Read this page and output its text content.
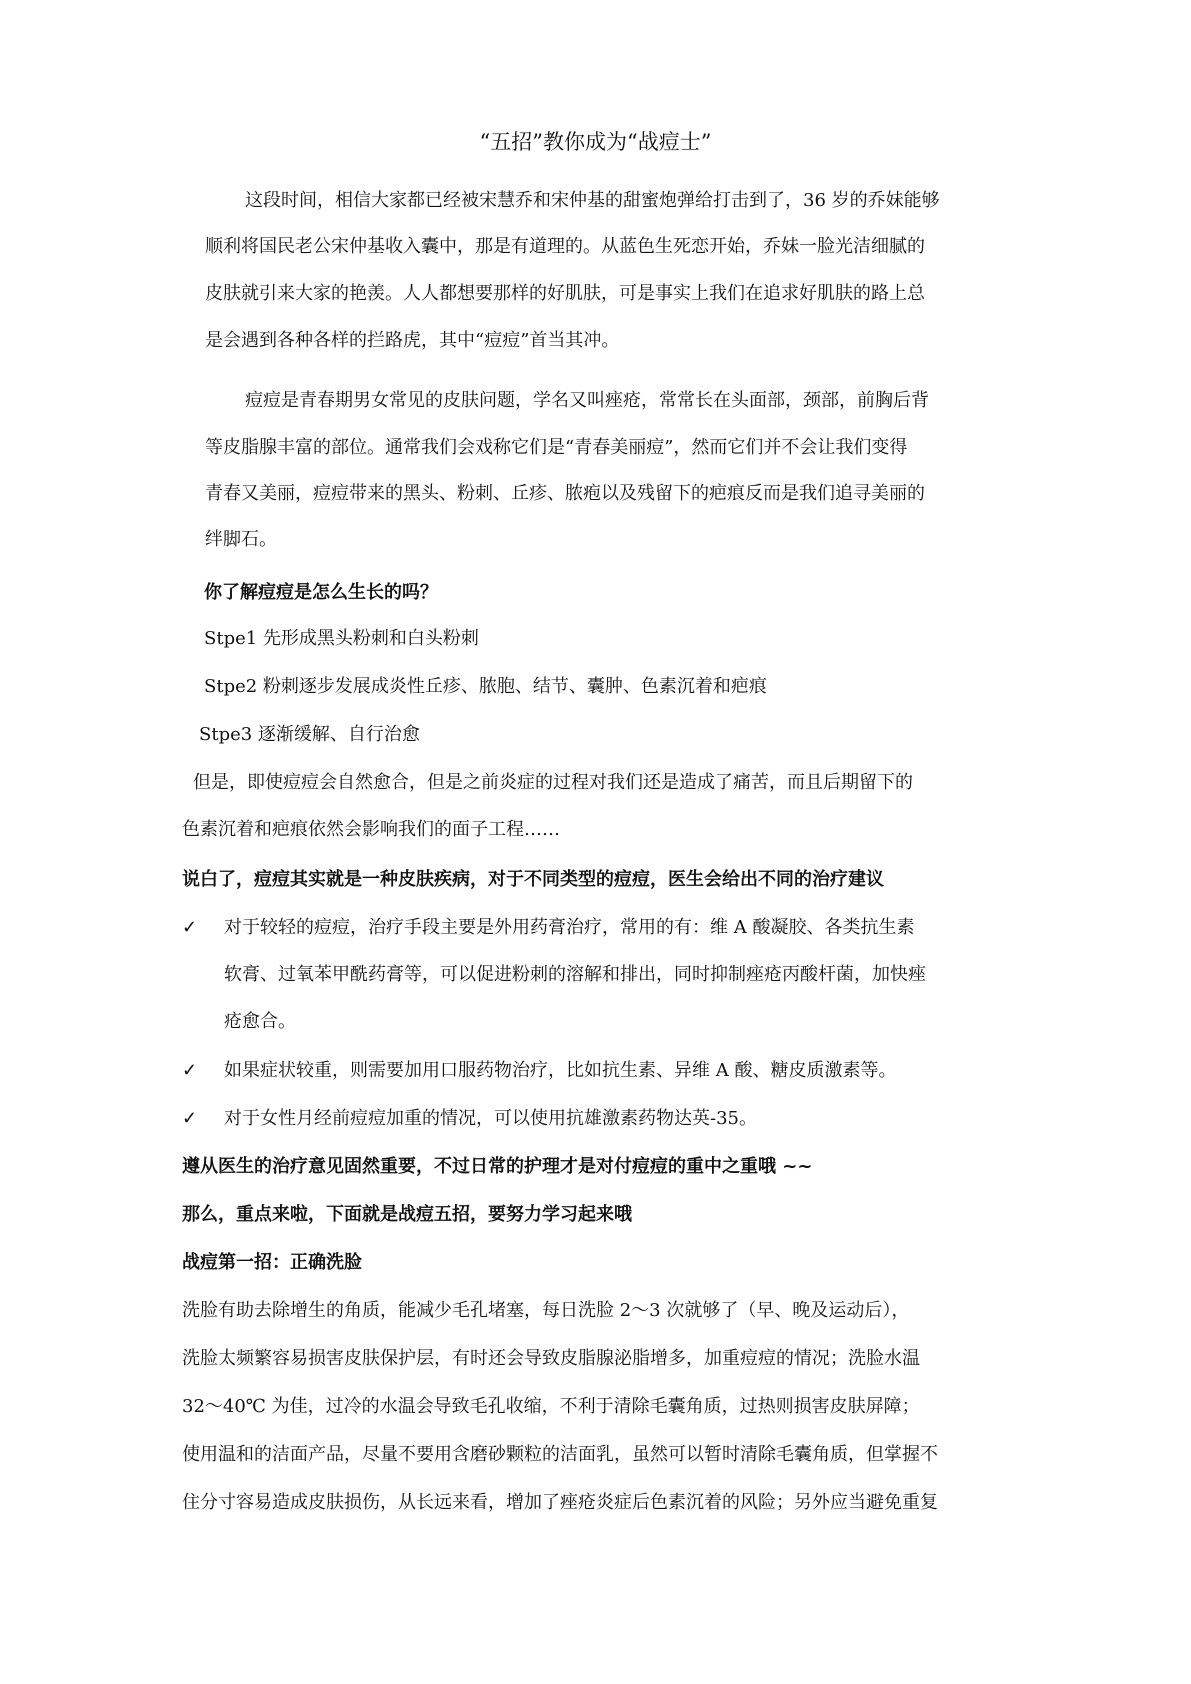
“五招”教你成为“战痘士”
这段时间，相信大家都已经被宋慧乔和宋仲基的甜蜜炮弹给打击到了，36 岁的乔妹能够
顺利将国民老公宋仲基收入囊中，那是有道理的。从蓝色生死恋开始，乔妹一脸光洁细腻的
皮肤就引来大家的艳羡。人人都想要那样的好肌肤，可是事实上我们在追求好肌肤的路上总
是会遇到各种各样的拦路虎，其中“痘痘”首当其冲。
痘痘是青春期男女常见的皮肤问题，学名又叫痤疮，常常长在头面部，颈部，前胸后背
等皮脂腺丰富的部位。通常我们会戏称它们是“青春美丽痘”，然而它们并不会让我们变得
青春又美丽，痘痘带来的黑头、粉刺、丘疹、脓疱以及残留下的疤痕反而是我们追寻美丽的
绊脚石。
你了解痘痘是怎么生长的吗？
Stpe1 先形成黑头粉刺和白头粉刺
Stpe2 粉刺逐步发展成炎性丘疹、脓胞、结节、囊肿、色素沉着和疤痕
Stpe3 逐渐缓解、自行治愈
但是，即使痘痘会自然愈合，但是之前炎症的过程对我们还是造成了痛苦，而且后期留下的
色素沉着和疤痕依然会影响我们的面子工程……
说白了，痘痘其实就是一种皮肤疾病，对于不同类型的痘痘，医生会给出不同的治疗建议
✓ 对于较轻的痘痘，治疗手段主要是外用药膏治疗，常用的有：维 A 酸凝胶、各类抗生素
软膏、过氧苯甲酰药膏等，可以促进粉刺的溶解和排出，同时抑制痤疮丙酸杆菌，加快痤
疮愈合。
✓ 如果症状较重，则需要加用口服药物治疗，比如抗生素、异维 A 酸、糖皮质激素等。
✓ 对于女性月经前痘痘加重的情况，可以使用抗雄激素药物达英-35。
遵从医生的治疗意见固然重要，不过日常的护理才是对付痘痘的重中之重哦 ~~
那么，重点来啦，下面就是战痘五招，要努力学习起来哦
战痘第一招：正确洗脸
洗脸有助去除增生的角质，能减少毛孔堵塞，每日洗脸 2～3 次就够了（早、晚及运动后），
洗脸太频繁容易损害皮肤保护层，有时还会导致皮脂腺泌脂增多，加重痘痘的情况；洗脸水温
32～40℃ 为佳，过冷的水温会导致毛孔收缩，不利于清除毛囊角质，过热则损害皮肤屏障；
使用温和的洁面产品，尽量不要用含磨砂颗粒的洁面乳，虽然可以暂时清除毛囊角质，但掌握不
住分寸容易造成皮肤损伤，从长远来看，增加了痤疮炎症后色素沉着的风险；另外应当避免重复
